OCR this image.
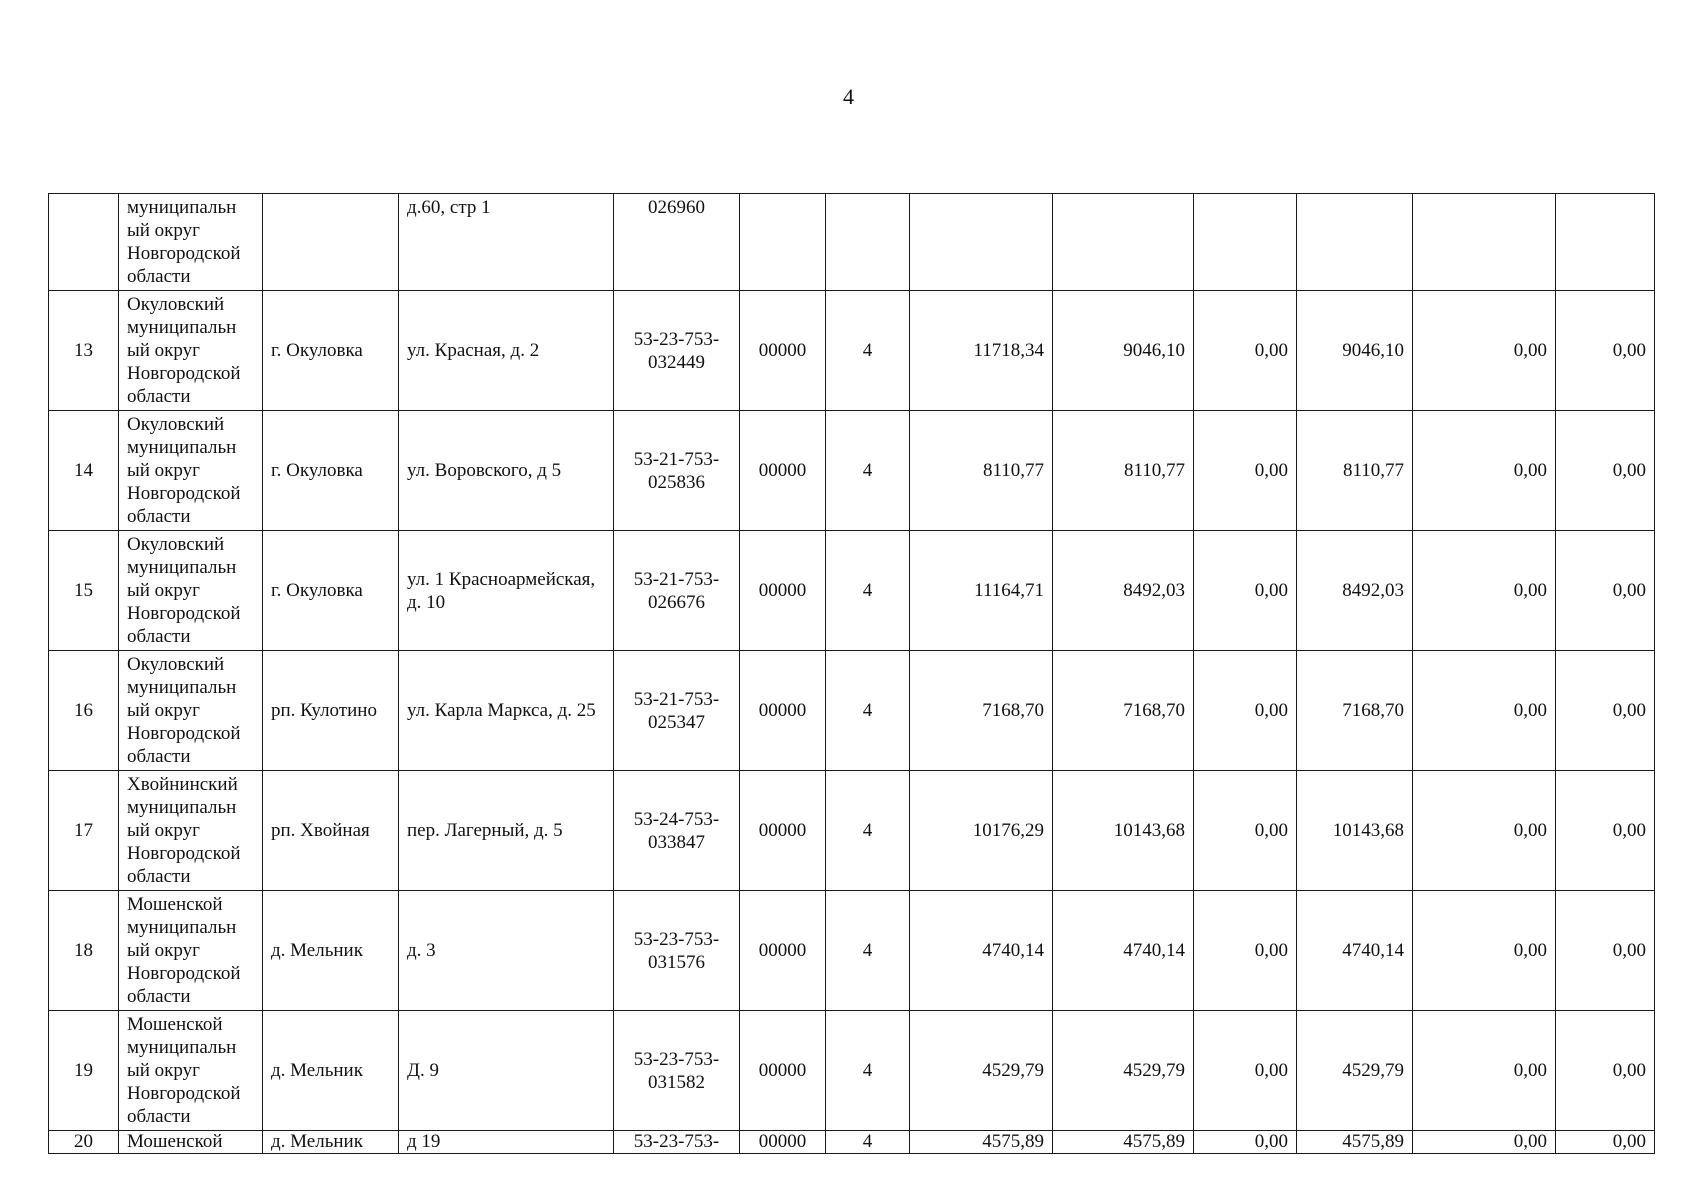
4
	муниципальн ый округ Новгородской области		д.60, стр 1	026960								
13	Окуловский муниципальн ый округ Новгородской области	г. Окуловка	ул. Красная, д. 2	53-23-753-032449	00000	4	11718,34	9046,10	0,00	9046,10	0,00	0,00
14	Окуловский муниципальн ый округ Новгородской области	г. Окуловка	ул. Воровского, д 5	53-21-753-025836	00000	4	8110,77	8110,77	0,00	8110,77	0,00	0,00
15	Окуловский муниципальн ый округ Новгородской области	г. Окуловка	ул. 1 Красноармейская, д. 10	53-21-753-026676	00000	4	11164,71	8492,03	0,00	8492,03	0,00	0,00
16	Окуловский муниципальн ый округ Новгородской области	рп. Кулотино	ул. Карла Маркса, д. 25	53-21-753-025347	00000	4	7168,70	7168,70	0,00	7168,70	0,00	0,00
17	Хвойнинский муниципальн ый округ Новгородской области	рп. Хвойная	пер. Лагерный, д. 5	53-24-753-033847	00000	4	10176,29	10143,68	0,00	10143,68	0,00	0,00
18	Мошенской муниципальн ый округ Новгородской области	д. Мельник	д. 3	53-23-753-031576	00000	4	4740,14	4740,14	0,00	4740,14	0,00	0,00
19	Мошенской муниципальн ый округ Новгородской области	д. Мельник	Д. 9	53-23-753-031582	00000	4	4529,79	4529,79	0,00	4529,79	0,00	0,00
20	Мошенской	д. Мельник	д 19	53-23-753-	00000	4	4575,89	4575,89	0,00	4575,89	0,00	0,00
